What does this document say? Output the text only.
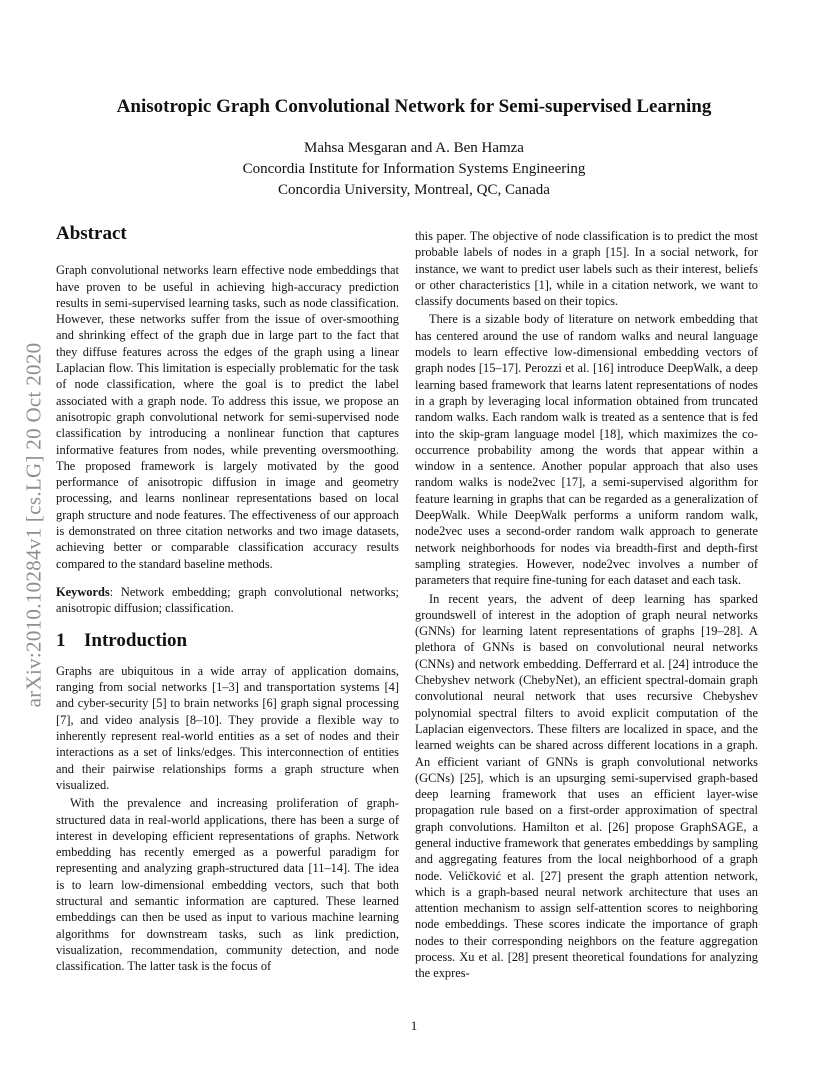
Anisotropic Graph Convolutional Network for Semi-supervised Learning
Mahsa Mesgaran and A. Ben Hamza
Concordia Institute for Information Systems Engineering
Concordia University, Montreal, QC, Canada
arXiv:2010.10284v1 [cs.LG] 20 Oct 2020
Abstract

Graph convolutional networks learn effective node embeddings that have proven to be useful in achieving high-accuracy prediction results in semi-supervised learning tasks, such as node classification. However, these networks suffer from the issue of over-smoothing and shrinking effect of the graph due in large part to the fact that they diffuse features across the edges of the graph using a linear Laplacian flow. This limitation is especially problematic for the task of node classification, where the goal is to predict the label associated with a graph node. To address this issue, we propose an anisotropic graph convolutional network for semi-supervised node classification by introducing a nonlinear function that captures informative features from nodes, while preventing oversmoothing. The proposed framework is largely motivated by the good performance of anisotropic diffusion in image and geometry processing, and learns nonlinear representations based on local graph structure and node features. The effectiveness of our approach is demonstrated on three citation networks and two image datasets, achieving better or comparable classification accuracy results compared to the standard baseline methods.

Keywords: Network embedding; graph convolutional networks; anisotropic diffusion; classification.

1 Introduction

Graphs are ubiquitous in a wide array of application domains, ranging from social networks [1–3] and transportation systems [4] and cyber-security [5] to brain networks [6] graph signal processing [7], and video analysis [8–10]. They provide a flexible way to inherently represent real-world entities as a set of nodes and their interactions as a set of links/edges. This interconnection of entities and their pairwise relationships forms a graph structure when visualized.

With the prevalence and increasing proliferation of graph-structured data in real-world applications, there has been a surge of interest in developing efficient representations of graphs. Network embedding has recently emerged as a powerful paradigm for representing and analyzing graph-structured data [11–14]. The idea is to learn low-dimensional embedding vectors, such that both structural and semantic information are captured. These learned embeddings can then be used as input to various machine learning algorithms for downstream tasks, such as link prediction, visualization, recommendation, community detection, and node classification. The latter task is the focus of

this paper. The objective of node classification is to predict the most probable labels of nodes in a graph [15]. In a social network, for instance, we want to predict user labels such as their interest, beliefs or other characteristics [1], while in a citation network, we want to classify documents based on their topics.

There is a sizable body of literature on network embedding that has centered around the use of random walks and neural language models to learn effective low-dimensional embedding vectors of graph nodes [15–17]. Perozzi et al. [16] introduce DeepWalk, a deep learning based framework that learns latent representations of nodes in a graph by leveraging local information obtained from truncated random walks. Each random walk is treated as a sentence that is fed into the skip-gram language model [18], which maximizes the co-occurrence probability among the words that appear within a window in a sentence. Another popular approach that also uses random walks is node2vec [17], a semi-supervised algorithm for feature learning in graphs that can be regarded as a generalization of DeepWalk. While DeepWalk performs a uniform random walk, node2vec uses a second-order random walk approach to generate network neighborhoods for nodes via breadth-first and depth-first sampling strategies. However, node2vec involves a number of parameters that require fine-tuning for each dataset and each task.

In recent years, the advent of deep learning has sparked groundswell of interest in the adoption of graph neural networks (GNNs) for learning latent representations of graphs [19–28]. A plethora of GNNs is based on convolutional neural networks (CNNs) and network embedding. Defferrard et al. [24] introduce the Chebyshev network (ChebyNet), an efficient spectral-domain graph convolutional neural network that uses recursive Chebyshev polynomial spectral filters to avoid explicit computation of the Laplacian eigenvectors. These filters are localized in space, and the learned weights can be shared across different locations in a graph. An efficient variant of GNNs is graph convolutional networks (GCNs) [25], which is an upsurging semi-supervised graph-based deep learning framework that uses an efficient layer-wise propagation rule based on a first-order approximation of spectral graph convolutions. Hamilton et al. [26] propose GraphSAGE, a general inductive framework that generates embeddings by sampling and aggregating features from the local neighborhood of a graph node. Veličković et al. [27] present the graph attention network, which is a graph-based neural network architecture that uses an attention mechanism to assign self-attention scores to neighboring node embeddings. These scores indicate the importance of graph nodes to their corresponding neighbors on the feature aggregation process. Xu et al. [28] present theoretical foundations for analyzing the expres-

1
